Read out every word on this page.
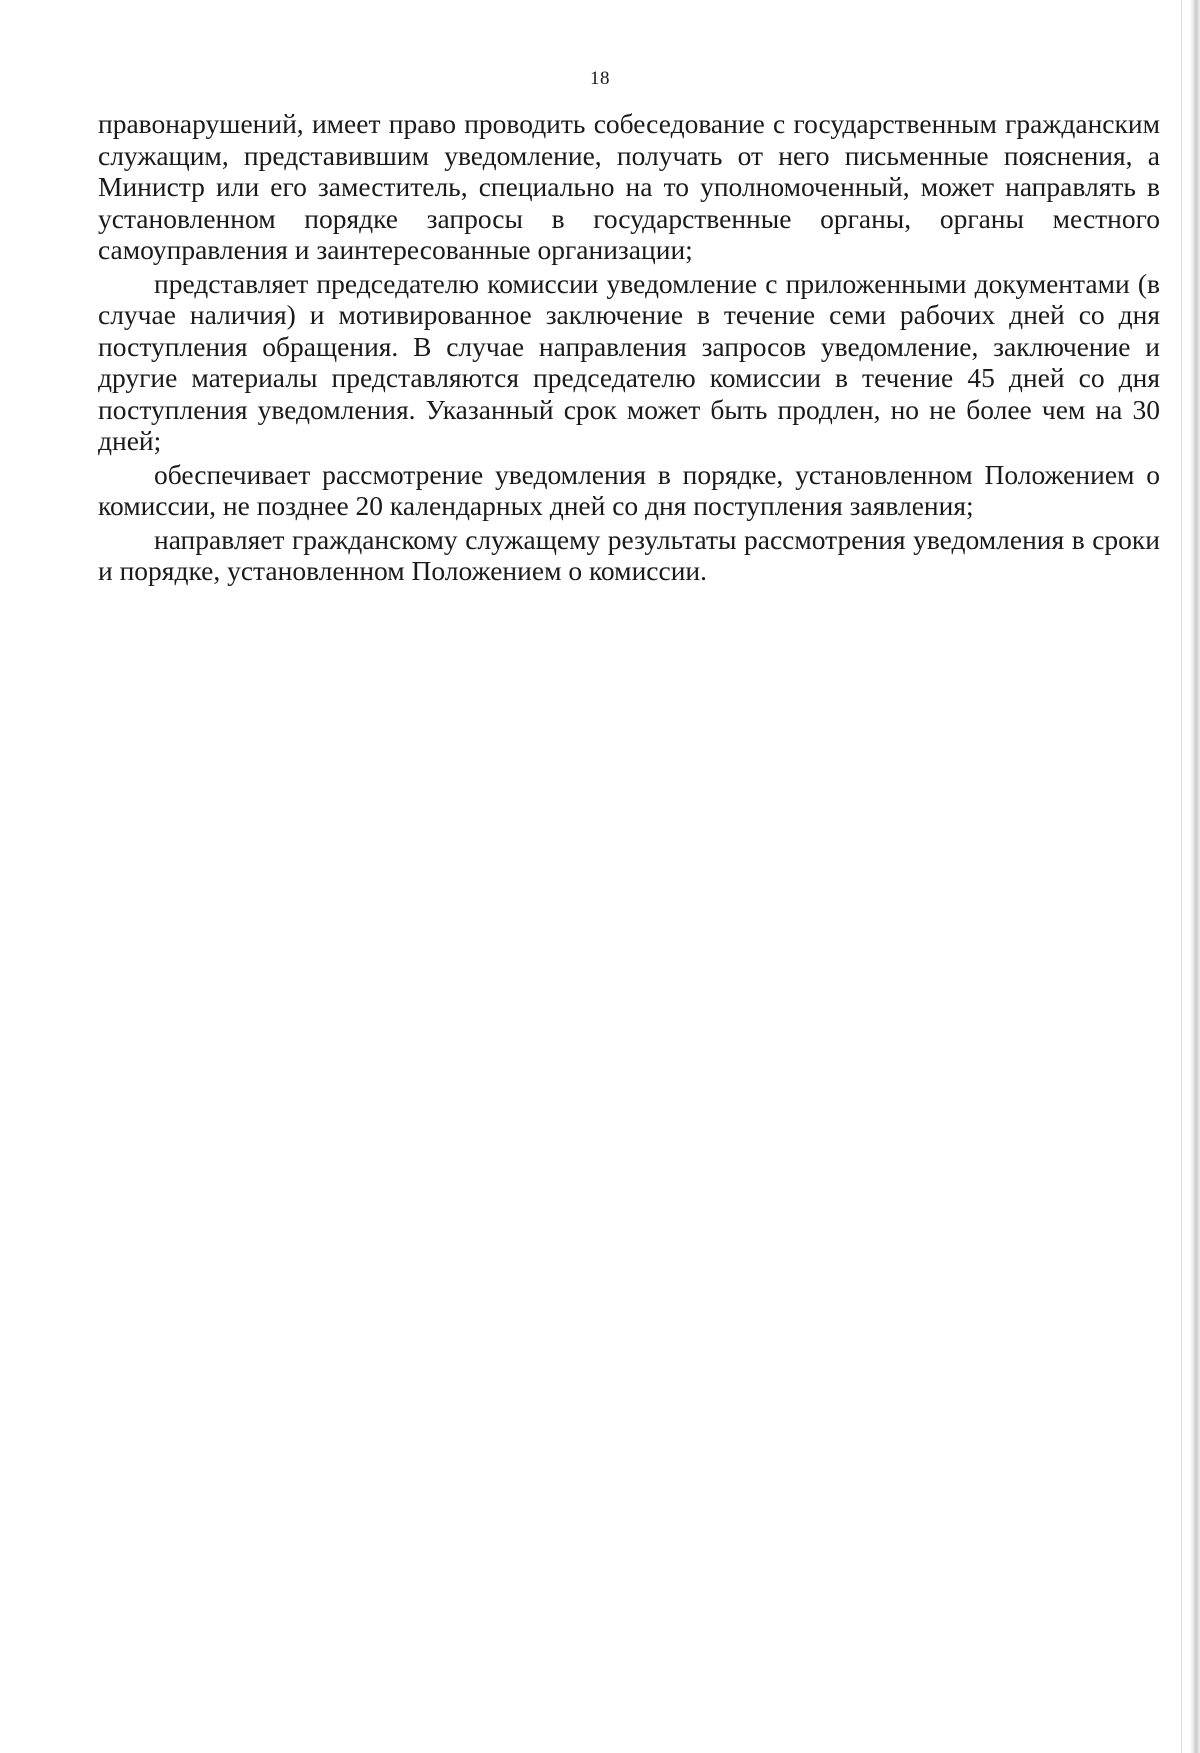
18

правонарушений, имеет право проводить собеседование с государственным гражданским служащим, представившим уведомление, получать от него письменные пояснения, а Министр или его заместитель, специально на то уполномоченный, может направлять в установленном порядке запросы в государственные органы, органы местного самоуправления и заинтересованные организации;

представляет председателю комиссии уведомление с приложенными документами (в случае наличия) и мотивированное заключение в течение семи рабочих дней со дня поступления обращения. В случае направления запросов уведомление, заключение и другие материалы представляются председателю комиссии в течение 45 дней со дня поступления уведомления. Указанный срок может быть продлен, но не более чем на 30 дней;

обеспечивает рассмотрение уведомления в порядке, установленном Положением о комиссии, не позднее 20 календарных дней со дня поступления заявления;

направляет гражданскому служащему результаты рассмотрения уведомления в сроки и порядке, установленном Положением о комиссии.
